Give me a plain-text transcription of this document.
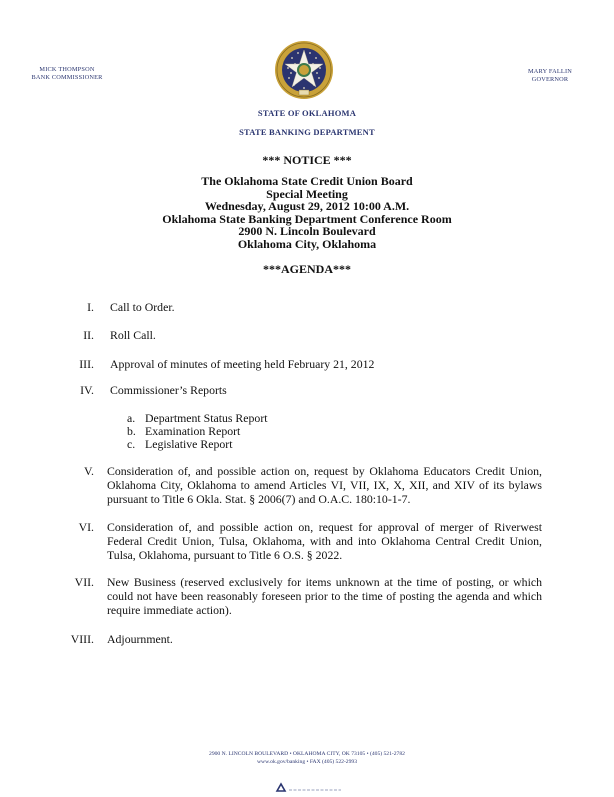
MICK THOMPSON
BANK COMMISSIONER
MARY FALLIN
GOVERNOR
STATE OF OKLAHOMA
STATE BANKING DEPARTMENT
*** NOTICE ***
The Oklahoma State Credit Union Board
Special Meeting
Wednesday, August 29, 2012 10:00 A.M.
Oklahoma State Banking Department Conference Room
2900 N. Lincoln Boulevard
Oklahoma City, Oklahoma
***AGENDA***
I. Call to Order.
II. Roll Call.
III. Approval of minutes of meeting held February 21, 2012
IV. Commissioner’s Reports
a. Department Status Report
b. Examination Report
c. Legislative Report
V. Consideration of, and possible action on, request by Oklahoma Educators Credit Union, Oklahoma City, Oklahoma to amend Articles VI, VII, IX, X, XII, and XIV of its bylaws pursuant to Title 6 Okla. Stat. § 2006(7) and O.A.C. 180:10-1-7.
VI. Consideration of, and possible action on, request for approval of merger of Riverwest Federal Credit Union, Tulsa, Oklahoma, with and into Oklahoma Central Credit Union, Tulsa, Oklahoma, pursuant to Title 6 O.S. § 2022.
VII. New Business (reserved exclusively for items unknown at the time of posting, or which could not have been reasonably foreseen prior to the time of posting the agenda and which require immediate action).
VIII. Adjournment.
2900 N. LINCOLN BOULEVARD • OKLAHOMA CITY, OK 73105 • (405) 521-2782
www.ok.gov/banking • FAX (405) 522-2993
